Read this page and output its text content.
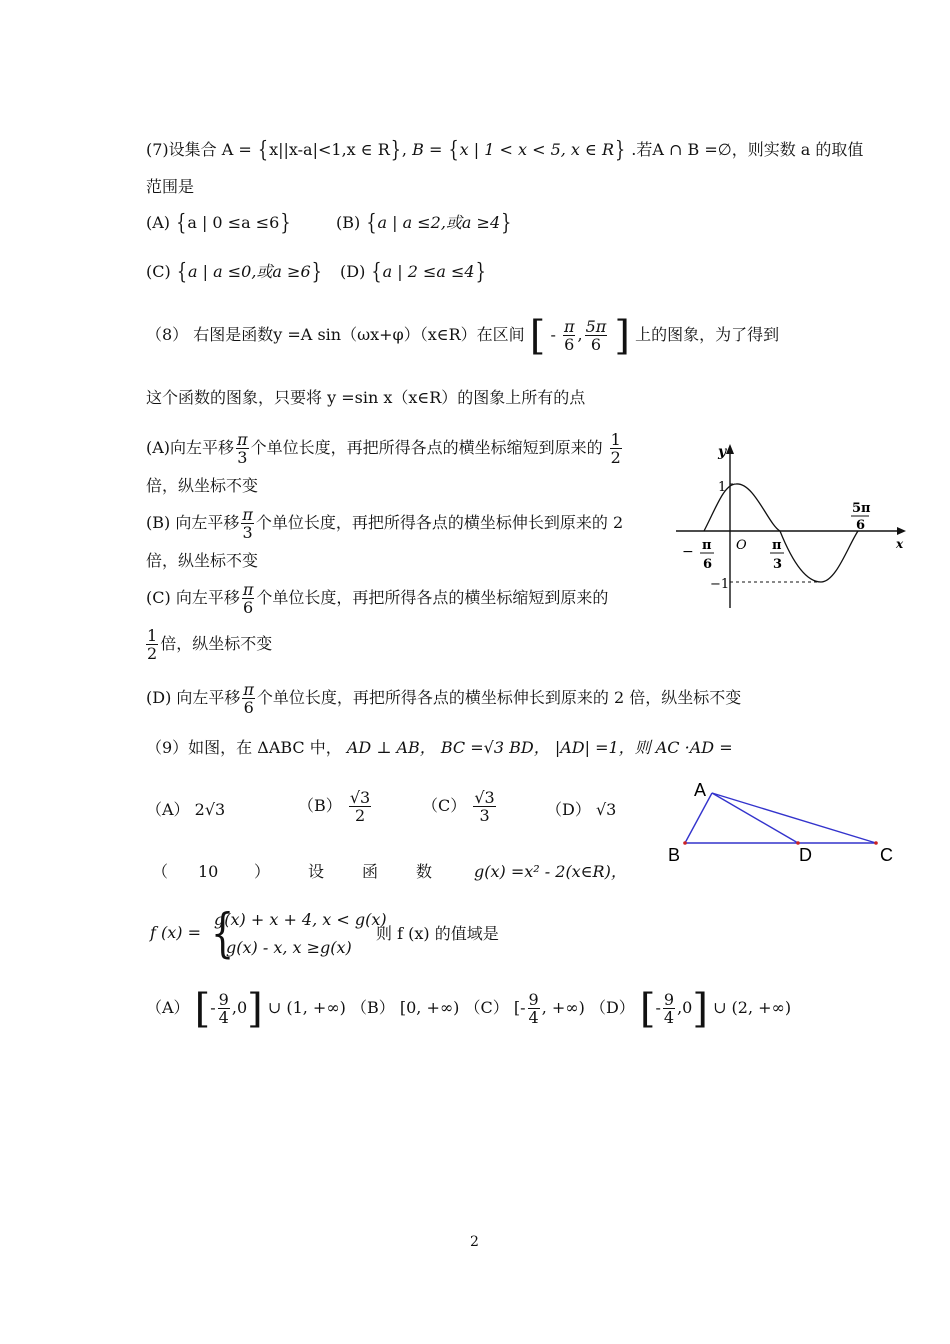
(7)设集合 A = {x||x-a|<1,x ∈ R}, B = {x | 1 < x < 5, x ∈ R} .若A ∩ B =∅，则实数 a 的取值
范围是
(A) {a | 0 ≤a ≤6}	(B) {a | a ≤2,或a ≥4}
(C) {a | a ≤0,或a ≥6} (D) {a | 2 ≤a ≤4}
（8） 右图是函数y =A sin（ωx+φ）（x∈R）在区间 [ - $\frac{\pi}{6}$ , $\frac{5\pi}{6}$ ] 上的图象，为了得到
这个函数的图象，只要将 y =sin x（x∈R）的图象上所有的点
(A)向左平移 $\frac{\pi}{3}$ 个单位长度，再把所得各点的横坐标缩短到原来的 $\frac{1}{2}$
倍，纵坐标不变
(B) 向左平移 $\frac{\pi}{3}$ 个单位长度，再把所得各点的横坐标伸长到原来的 2
倍，纵坐标不变
(C) 向左平移 $\frac{\pi}{6}$ 个单位长度，再把所得各点的横坐标缩短到原来的
$\frac{1}{2}$ 倍，纵坐标不变
(D) 向左平移 $\frac{\pi}{6}$ 个单位长度，再把所得各点的横坐标伸长到原来的 2 倍，纵坐标不变
y
x
O
1
−1
− π
6
π
3
5π
6
（9）如图，在 ΔABC 中， AD ⊥ AB， BC =√3 BD， |AD| =1，则 AC ·AD =
（A） 2√3	$(B) \frac{√3}{2}$	$(C) \frac{√3}{3}$	（D） √3
A
B	D	C
（ 10 ） 设 函 数	g(x) =x² - 2(x∈R)，
f (x) = {
g(x) + x + 4, x < g(x)
g(x) - x, x ≥g(x)
则 f (x) 的值域是
（A） [- $\frac{9}{4} ,0$] ∪ (1, +∞) （B） [0, +∞) （C） [- $\frac{9}{4}$ , +∞) （D） [- $\frac{9}{4} ,0$] ∪ (2, +∞)
2
